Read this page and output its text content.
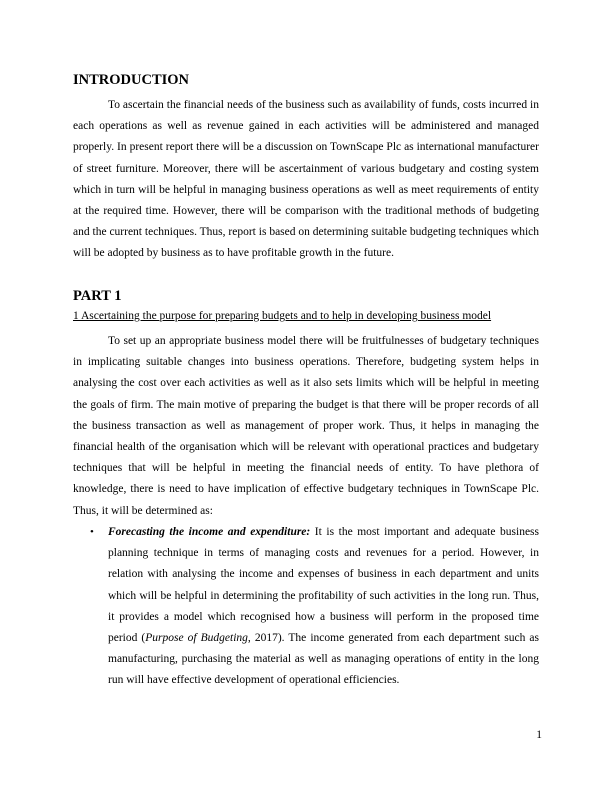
INTRODUCTION

To ascertain the financial needs of the business such as availability of funds, costs incurred in each operations as well as revenue gained in each activities will be administered and managed properly. In present report there will be a discussion on TownScape Plc as international manufacturer of street furniture. Moreover, there will be ascertainment of various budgetary and costing system which in turn will be helpful in managing business operations as well as meet requirements of entity at the required time. However, there will be comparison with the traditional methods of budgeting and the current techniques. Thus, report is based on determining suitable budgeting techniques which will be adopted by business as to have profitable growth in the future.

PART 1

1 Ascertaining the purpose for preparing budgets and to help in developing business model

To set up an appropriate business model there will be fruitfulnesses of budgetary techniques in implicating suitable changes into business operations. Therefore, budgeting system helps in analysing the cost over each activities as well as it also sets limits which will be helpful in meeting the goals of firm. The main motive of preparing the budget is that there will be proper records of all the business transaction as well as management of proper work. Thus, it helps in managing the financial health of the organisation which will be relevant with operational practices and budgetary techniques that will be helpful in meeting the financial needs of entity. To have plethora of knowledge, there is need to have implication of effective budgetary techniques in TownScape Plc. Thus, it will be determined as:

• Forecasting the income and expenditure: It is the most important and adequate business planning technique in terms of managing costs and revenues for a period. However, in relation with analysing the income and expenses of business in each department and units which will be helpful in determining the profitability of such activities in the long run. Thus, it provides a model which recognised how a business will perform in the proposed time period (Purpose of Budgeting, 2017). The income generated from each department such as manufacturing, purchasing the material as well as managing operations of entity in the long run will have effective development of operational efficiencies.
1
